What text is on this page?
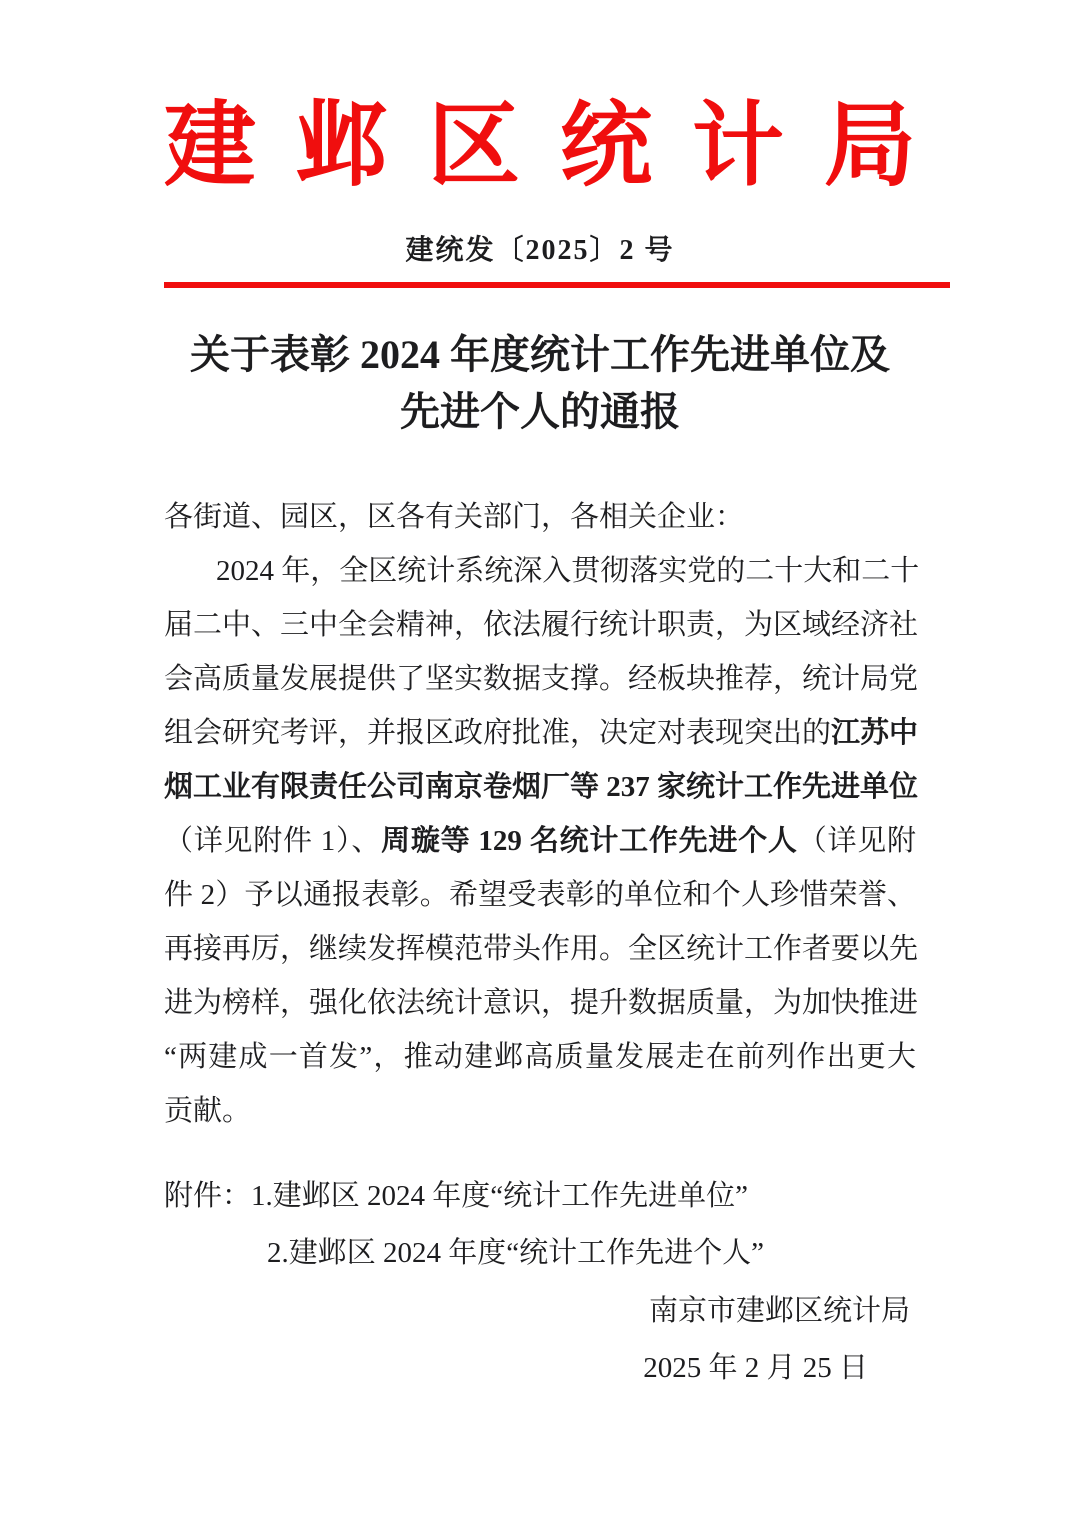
建 邺 区 统 计 局
建统发〔2025〕2 号
关于表彰 2024 年度统计工作先进单位及
先进个人的通报
各街道、园区，区各有关部门，各相关企业：
2024 年，全区统计系统深入贯彻落实党的二十大和二十
届二中、三中全会精神，依法履行统计职责，为区域经济社
会高质量发展提供了坚实数据支撑。经板块推荐，统计局党
组会研究考评，并报区政府批准，决定对表现突出的江苏中
烟工业有限责任公司南京卷烟厂等 237 家统计工作先进单位
（详见附件 1）、周璇等 129 名统计工作先进个人（详见附
件 2）予以通报表彰。希望受表彰的单位和个人珍惜荣誉、
再接再厉，继续发挥模范带头作用。全区统计工作者要以先
进为榜样，强化依法统计意识，提升数据质量，为加快推进
“两建成一首发”，推动建邺高质量发展走在前列作出更大
贡献。
附件：1.建邺区 2024 年度“统计工作先进单位”
2.建邺区 2024 年度“统计工作先进个人”
南京市建邺区统计局
2025 年 2 月 25 日
